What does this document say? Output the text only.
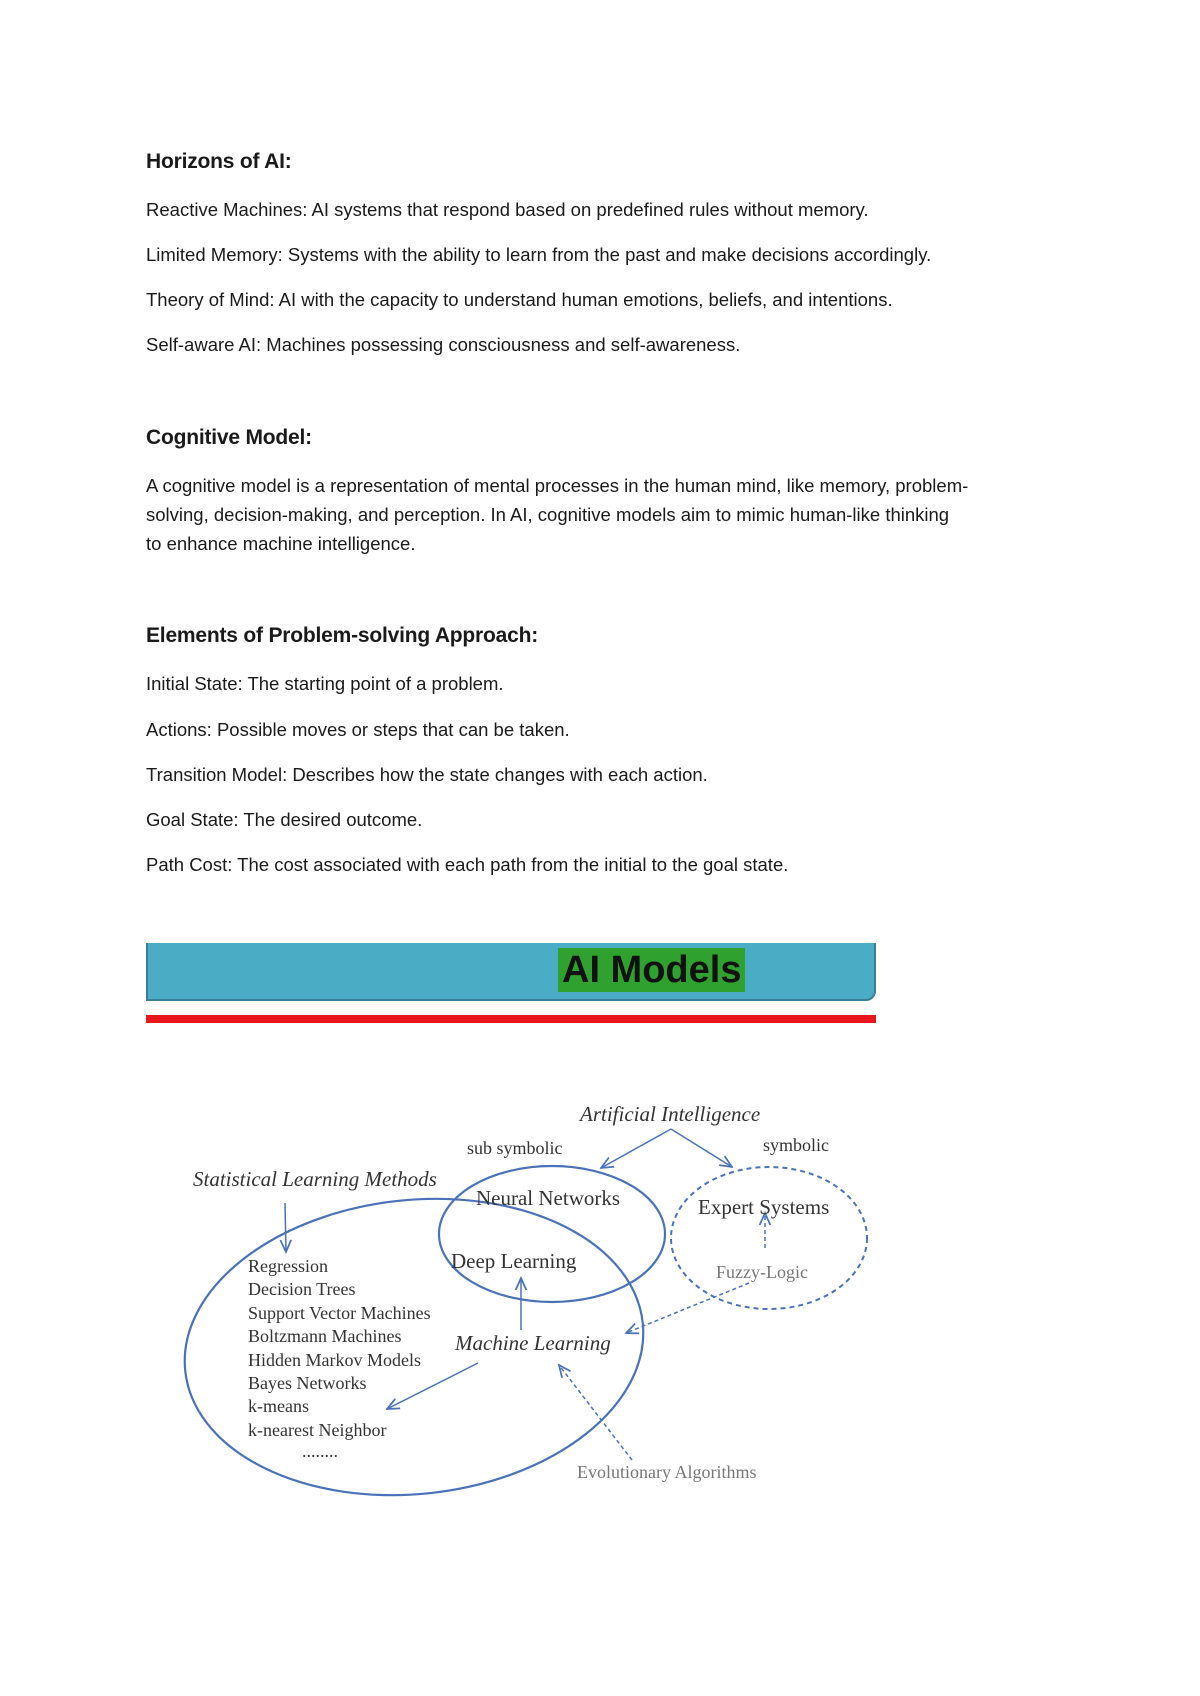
Horizons of AI:
Reactive Machines: AI systems that respond based on predefined rules without memory.
Limited Memory: Systems with the ability to learn from the past and make decisions accordingly.
Theory of Mind: AI with the capacity to understand human emotions, beliefs, and intentions.
Self-aware AI: Machines possessing consciousness and self-awareness.
Cognitive Model:
A cognitive model is a representation of mental processes in the human mind, like memory, problem-
solving, decision-making, and perception. In AI, cognitive models aim to mimic human-like thinking
to enhance machine intelligence.
Elements of Problem-solving Approach:
Initial State: The starting point of a problem.
Actions: Possible moves or steps that can be taken.
Transition Model: Describes how the state changes with each action.
Goal State: The desired outcome.
Path Cost: The cost associated with each path from the initial to the goal state.
AI Models
Artificial Intelligence
sub symbolic	symbolic
Statistical Learning Methods
Neural Networks	Expert Systems
Deep Learning	Fuzzy-Logic
Machine Learning
Evolutionary Algorithms
Regression
Decision Trees
Support Vector Machines
Boltzmann Machines
Hidden Markov Models
Bayes Networks
k-means
k-nearest Neighbor
........
